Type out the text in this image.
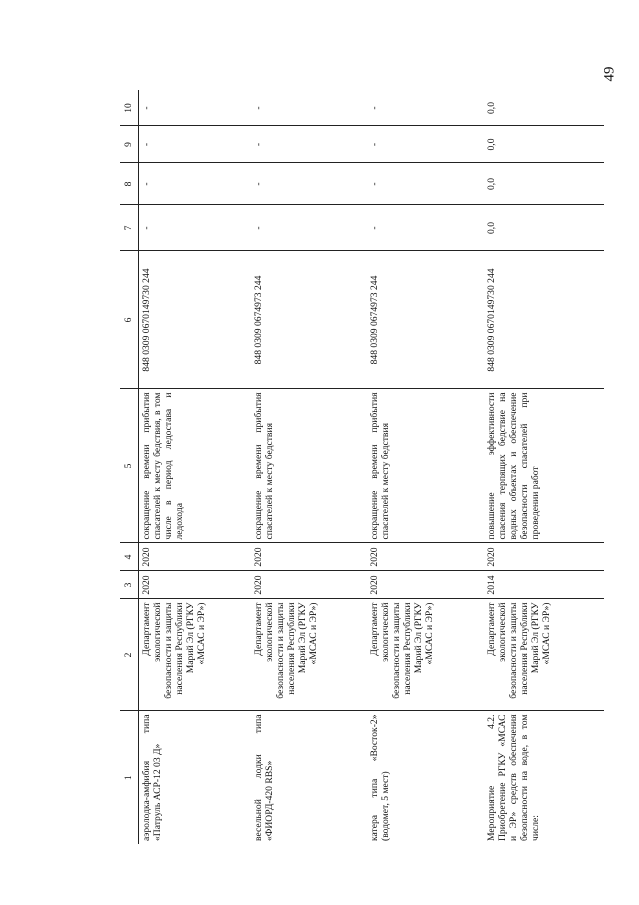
49
1	2	3	4	5	6	7	8	9	10
аэролодка-амфибия типа «Патруль АСР-12 03 Д»	Департамент экологической безопасности и защиты населения Республики Марий Эл (РГКУ «МСАС и ЭР»)	2020	2020	сокращение времени прибытия спасателей к месту бедствия, в том числе в период ледостава и ледохода	848 0309 0670149730 244	-	-	-	-
весельной лодки типа «ФИОРД-420 RBS»	Департамент экологической безопасности и защиты населения Республики Марий Эл (РГКУ «МСАС и ЭР»)	2020	2020	сокращение времени прибытия спасателей к месту бедствия	848 0309 0674973 244	-	-	-	-
катера типа «Восток-2» (водомет, 5 мест)	Департамент экологической безопасности и защиты населения Республики Марий Эл (РГКУ «МСАС и ЭР»)	2020	2020	сокращение времени прибытия спасателей к месту бедствия	848 0309 0674973 244	-	-	-	-
Мероприятие 4.2. Приобретение РГКУ «МСАС и ЭР» средств обеспечения безопасности на воде, в том числе:	Департамент экологической безопасности и защиты населения Республики Марий Эл (РГКУ «МСАС и ЭР»)	2014	2020	повышение эффективности спасения терпящих бедствие на водных объектах и обеспечение безопасности спасателей при проведении работ	848 0309 0670149730 244	0,0	0,0	0,0	0,0
